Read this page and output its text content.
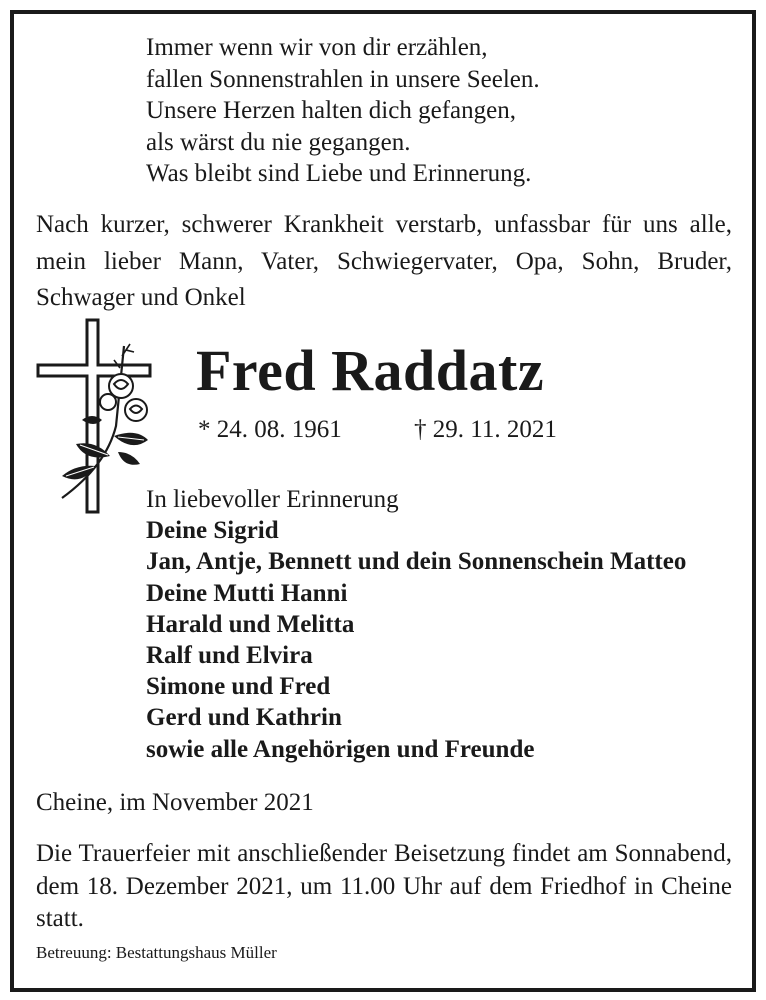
Immer wenn wir von dir erzählen,
fallen Sonnenstrahlen in unsere Seelen.
Unsere Herzen halten dich gefangen,
als wärst du nie gegangen.
Was bleibt sind Liebe und Erinnerung.
Nach kurzer, schwerer Krankheit verstarb, unfassbar für uns alle, mein lieber Mann, Vater, Schwiegervater, Opa, Sohn, Bruder, Schwager und Onkel
Fred Raddatz
* 24. 08. 1961	† 29. 11. 2021
In liebevoller Erinnerung
Deine Sigrid
Jan, Antje, Bennett und dein Sonnenschein Matteo
Deine Mutti Hanni
Harald und Melitta
Ralf und Elvira
Simone und Fred
Gerd und Kathrin
sowie alle Angehörigen und Freunde
Cheine, im November 2021
Die Trauerfeier mit anschließender Beisetzung findet am Sonnabend, dem 18. Dezember 2021, um 11.00 Uhr auf dem Friedhof in Cheine statt.
Betreuung: Bestattungshaus Müller
